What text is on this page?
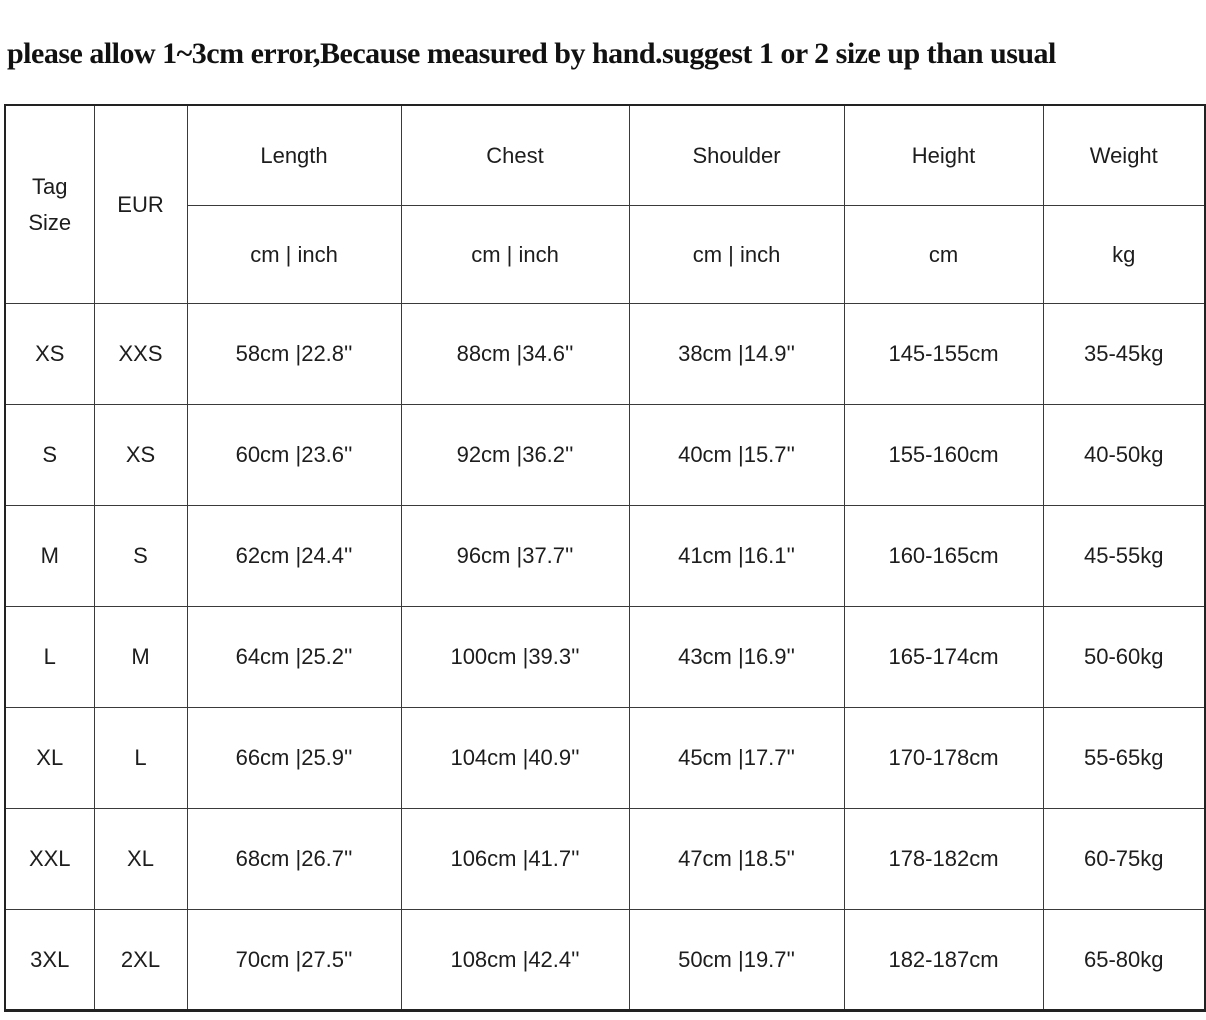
please allow 1~3cm error,Because measured by hand.suggest 1 or 2 size up than usual
Tag
Size	EUR	Length	Chest	Shoulder	Height	Weight
		cm | inch	cm | inch	cm | inch	cm	kg
XS	XXS	58cm |22.8''	88cm |34.6''	38cm |14.9''	145-155cm	35-45kg
S	XS	60cm |23.6''	92cm |36.2''	40cm |15.7''	155-160cm	40-50kg
M	S	62cm |24.4''	96cm |37.7''	41cm |16.1''	160-165cm	45-55kg
L	M	64cm |25.2''	100cm |39.3''	43cm |16.9''	165-174cm	50-60kg
XL	L	66cm |25.9''	104cm |40.9''	45cm |17.7''	170-178cm	55-65kg
XXL	XL	68cm |26.7''	106cm |41.7''	47cm |18.5''	178-182cm	60-75kg
3XL	2XL	70cm |27.5''	108cm |42.4''	50cm |19.7''	182-187cm	65-80kg
